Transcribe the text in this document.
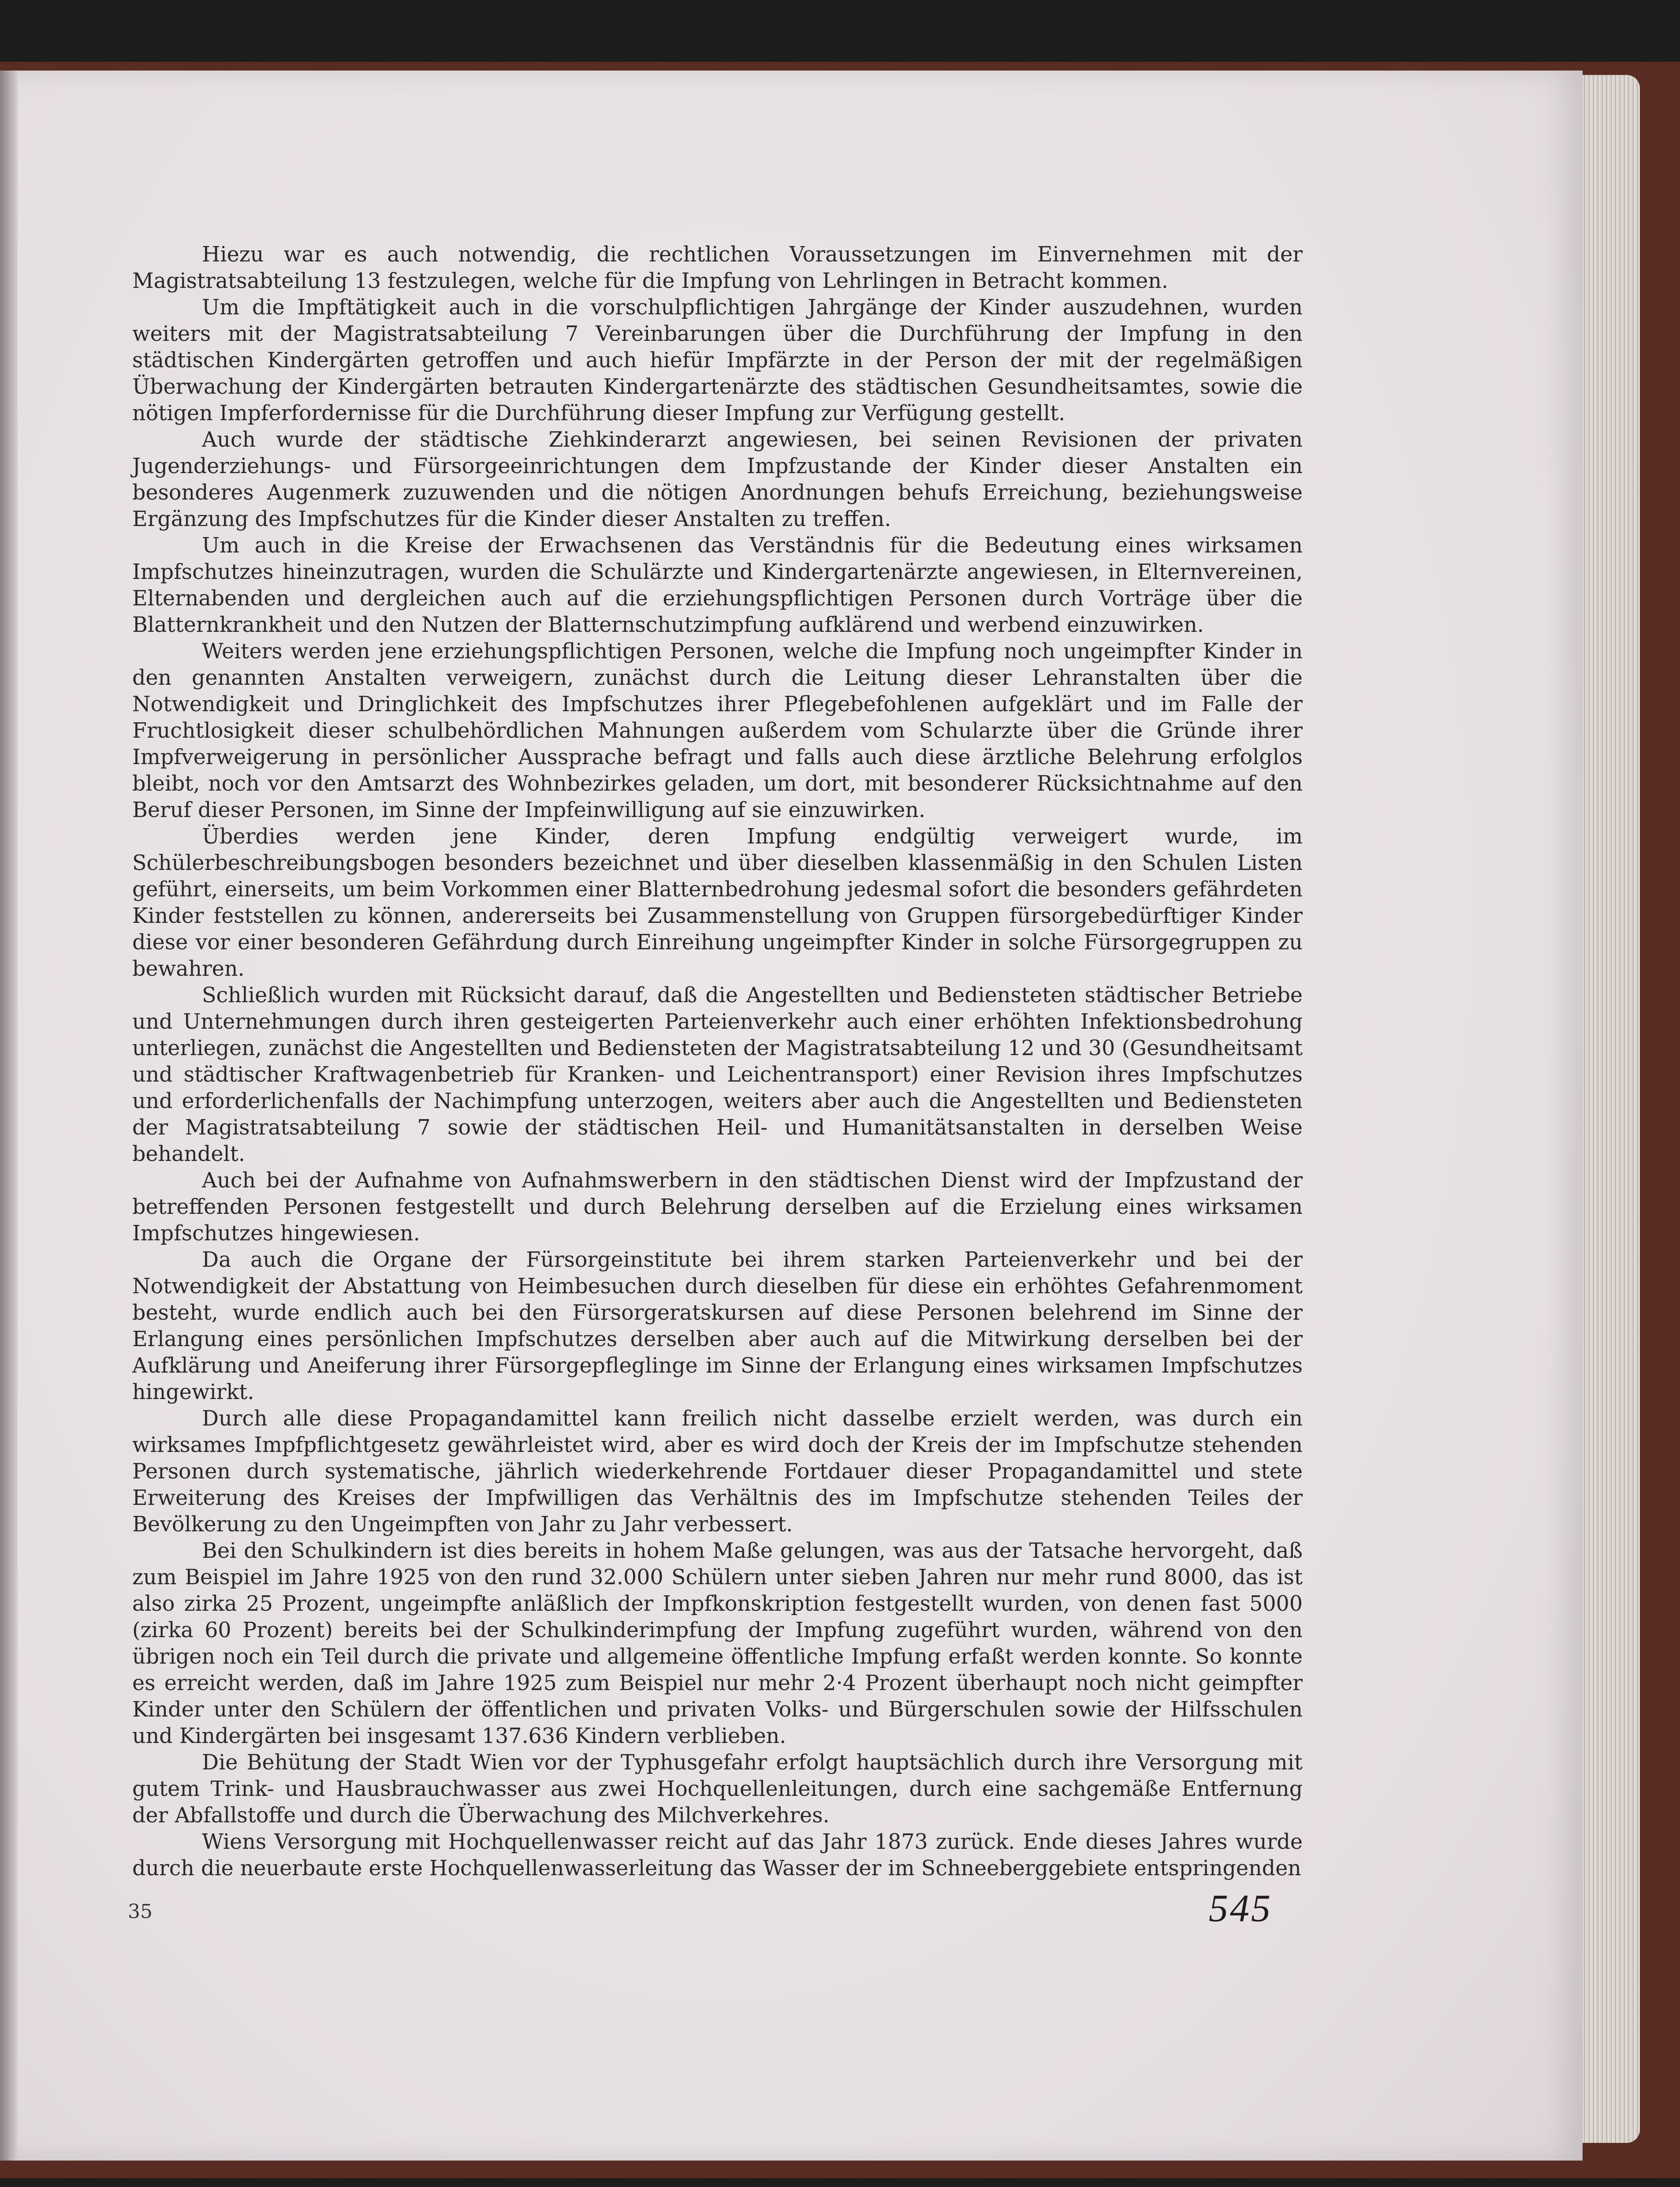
Hiezu war es auch notwendig, die rechtlichen Voraussetzungen im Einvernehmen mit der Magistratsabteilung 13 festzulegen, welche für die Impfung von Lehrlingen in Betracht kommen.

Um die Impftätigkeit auch in die vorschulpflichtigen Jahrgänge der Kinder auszudehnen, wurden weiters mit der Magistratsabteilung 7 Vereinbarungen über die Durchführung der Impfung in den städtischen Kindergärten getroffen und auch hiefür Impfärzte in der Person der mit der regelmäßigen Überwachung der Kindergärten betrauten Kindergartenärzte des städtischen Gesundheitsamtes, sowie die nötigen Impferfordernisse für die Durchführung dieser Impfung zur Verfügung gestellt.

Auch wurde der städtische Ziehkinderarzt angewiesen, bei seinen Revisionen der privaten Jugenderziehungs- und Fürsorgeeinrichtungen dem Impfzustande der Kinder dieser Anstalten ein besonderes Augenmerk zuzuwenden und die nötigen Anordnungen behufs Erreichung, beziehungsweise Ergänzung des Impfschutzes für die Kinder dieser Anstalten zu treffen.

Um auch in die Kreise der Erwachsenen das Verständnis für die Bedeutung eines wirksamen Impfschutzes hineinzutragen, wurden die Schulärzte und Kindergartenärzte angewiesen, in Elternvereinen, Elternabenden und dergleichen auch auf die erziehungspflichtigen Personen durch Vorträge über die Blatternkrankheit und den Nutzen der Blatternschutzimpfung aufklärend und werbend einzuwirken.

Weiters werden jene erziehungspflichtigen Personen, welche die Impfung noch ungeimpfter Kinder in den genannten Anstalten verweigern, zunächst durch die Leitung dieser Lehranstalten über die Notwendigkeit und Dringlichkeit des Impfschutzes ihrer Pflegebefohlenen aufgeklärt und im Falle der Fruchtlosigkeit dieser schulbehördlichen Mahnungen außerdem vom Schularzte über die Gründe ihrer Impfverweigerung in persönlicher Aussprache befragt und falls auch diese ärztliche Belehrung erfolglos bleibt, noch vor den Amtsarzt des Wohnbezirkes geladen, um dort, mit besonderer Rücksichtnahme auf den Beruf dieser Personen, im Sinne der Impfeinwilligung auf sie einzuwirken.

Überdies werden jene Kinder, deren Impfung endgültig verweigert wurde, im Schülerbeschreibungsbogen besonders bezeichnet und über dieselben klassenmäßig in den Schulen Listen geführt, einerseits, um beim Vorkommen einer Blatternbedrohung jedesmal sofort die besonders gefährdeten Kinder feststellen zu können, andererseits bei Zusammenstellung von Gruppen fürsorgebedürftiger Kinder diese vor einer besonderen Gefährdung durch Einreihung ungeimpfter Kinder in solche Fürsorgegruppen zu bewahren.

Schließlich wurden mit Rücksicht darauf, daß die Angestellten und Bediensteten städtischer Betriebe und Unternehmungen durch ihren gesteigerten Parteienverkehr auch einer erhöhten Infektionsbedrohung unterliegen, zunächst die Angestellten und Bediensteten der Magistratsabteilung 12 und 30 (Gesundheitsamt und städtischer Kraftwagenbetrieb für Kranken- und Leichentransport) einer Revision ihres Impfschutzes und erforderlichenfalls der Nachimpfung unterzogen, weiters aber auch die Angestellten und Bediensteten der Magistratsabteilung 7 sowie der städtischen Heil- und Humanitätsanstalten in derselben Weise behandelt.

Auch bei der Aufnahme von Aufnahmswerbern in den städtischen Dienst wird der Impfzustand der betreffenden Personen festgestellt und durch Belehrung derselben auf die Erzielung eines wirksamen Impfschutzes hingewiesen.

Da auch die Organe der Fürsorgeinstitute bei ihrem starken Parteienverkehr und bei der Notwendigkeit der Abstattung von Heimbesuchen durch dieselben für diese ein erhöhtes Gefahrenmoment besteht, wurde endlich auch bei den Fürsorgeratskursen auf diese Personen belehrend im Sinne der Erlangung eines persönlichen Impfschutzes derselben aber auch auf die Mitwirkung derselben bei der Aufklärung und Aneiferung ihrer Fürsorgepfleglinge im Sinne der Erlangung eines wirksamen Impfschutzes hingewirkt.

Durch alle diese Propagandamittel kann freilich nicht dasselbe erzielt werden, was durch ein wirksames Impfpflichtgesetz gewährleistet wird, aber es wird doch der Kreis der im Impfschutze stehenden Personen durch systematische, jährlich wiederkehrende Fortdauer dieser Propagandamittel und stete Erweiterung des Kreises der Impfwilligen das Verhältnis des im Impfschutze stehenden Teiles der Bevölkerung zu den Ungeimpften von Jahr zu Jahr verbessert.

Bei den Schulkindern ist dies bereits in hohem Maße gelungen, was aus der Tatsache hervorgeht, daß zum Beispiel im Jahre 1925 von den rund 32.000 Schülern unter sieben Jahren nur mehr rund 8000, das ist also zirka 25 Prozent, ungeimpfte anläßlich der Impfkonskription festgestellt wurden, von denen fast 5000 (zirka 60 Prozent) bereits bei der Schulkinderimpfung der Impfung zugeführt wurden, während von den übrigen noch ein Teil durch die private und allgemeine öffentliche Impfung erfaßt werden konnte. So konnte es erreicht werden, daß im Jahre 1925 zum Beispiel nur mehr 2·4 Prozent überhaupt noch nicht geimpfter Kinder unter den Schülern der öffentlichen und privaten Volks- und Bürgerschulen sowie der Hilfsschulen und Kindergärten bei insgesamt 137.636 Kindern verblieben.

Die Behütung der Stadt Wien vor der Typhusgefahr erfolgt hauptsächlich durch ihre Versorgung mit gutem Trink- und Hausbrauchwasser aus zwei Hochquellenleitungen, durch eine sachgemäße Entfernung der Abfallstoffe und durch die Überwachung des Milchverkehres.

Wiens Versorgung mit Hochquellenwasser reicht auf das Jahr 1873 zurück. Ende dieses Jahres wurde durch die neuerbaute erste Hochquellenwasserleitung das Wasser der im Schneeberggebiete entspringenden

35	545
